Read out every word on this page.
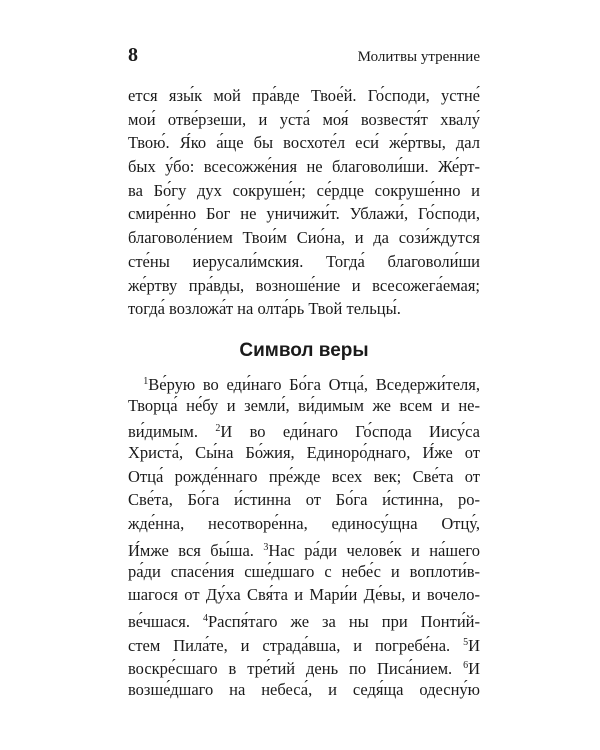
8	Молитвы утренние
ется язы́к мой пра́вде Твое́й. Го́споди, устне́
мои́ отве́рзеши, и уста́ моя́ возвестя́т хвалу́
Твою́. Я́ко а́ще бы восхоте́л еси́ же́ртвы, дал
бых у́бо: всесожже́ния не благоволи́ши. Же́рт-
ва Бо́гу дух сокруше́н; се́рдце сокруше́нно и
смире́нно Бог не уничижи́т. Ублажи́, Го́споди,
благоволе́нием Твои́м Сио́на, и да сози́ждутся
сте́ны иерусали́мския. Тогда́ благоволи́ши
же́ртву пра́вды, возноше́ние и всесожега́емая;
тогда́ возложа́т на олта́рь Твой тельцы́.
Символ веры
$^1$Ве́рую во еди́наго Бо́га Отца́, Вседержи́теля,
Творца́ не́бу и земли́, ви́димым же всем и не-
ви́димым. $^2$И во еди́наго Го́спода Иису́са
Христа́, Сы́на Бо́жия, Единоро́днаго, И́же от
Отца́ рожде́ннаго пре́жде всех век; Све́та от
Све́та, Бо́га и́стинна от Бо́га и́стинна, ро-
жде́нна, несотворе́нна, единосу́щна Отцу́,
И́мже вся бы́ша. $^3$Нас ра́ди челове́к и на́шего
ра́ди спасе́ния сше́дшаго с небе́с и воплоти́в-
шагося от Ду́ха Свя́та и Мари́и Де́вы, и вочело-
ве́чшася. $^4$Распя́таго же за ны при Понти́й-
стем Пила́те, и страда́вша, и погребе́на. $^5$И
воскре́сшаго в тре́тий день по Писа́нием. $^6$И
возше́дшаго на небеса́, и седя́ща одесну́ю
